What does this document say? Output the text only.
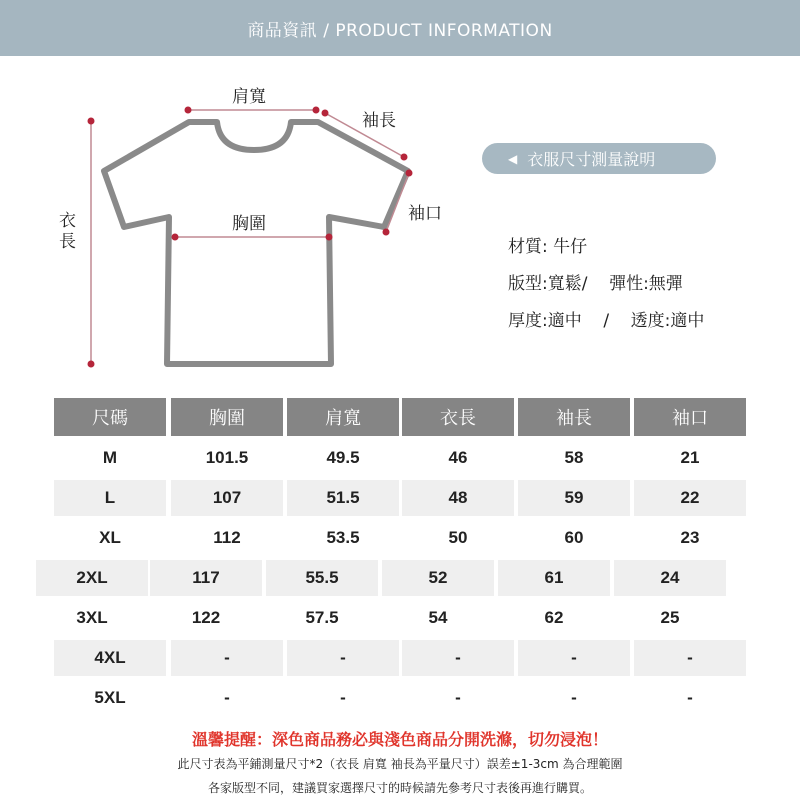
商品資訊 / PRODUCT INFORMATION
肩寬
袖長
衣
長
胸圍	袖口
◀ 衣服尺寸測量說明
材質: 牛仔
版型:寬鬆/    彈性:無彈
厚度:適中    /    透度:適中
尺碼	胸圍	肩寬	衣長	袖長	袖口
M	101.5	49.5	46	58	21
L	107	51.5	48	59	22
XL	112	53.5	50	60	23
2XL	117	55.5	52	61	24
3XL	122	57.5	54	62	25
4XL	-	-	-	-	-
5XL	-	-	-	-	-
溫馨提醒：深色商品務必與淺色商品分開洗滌，切勿浸泡！
此尺寸表為平鋪測量尺寸*2（衣長 肩寬 袖長為平量尺寸）誤差±1-3cm 為合理範圍
各家版型不同，建議買家選擇尺寸的時候請先參考尺寸表後再進行購買。
